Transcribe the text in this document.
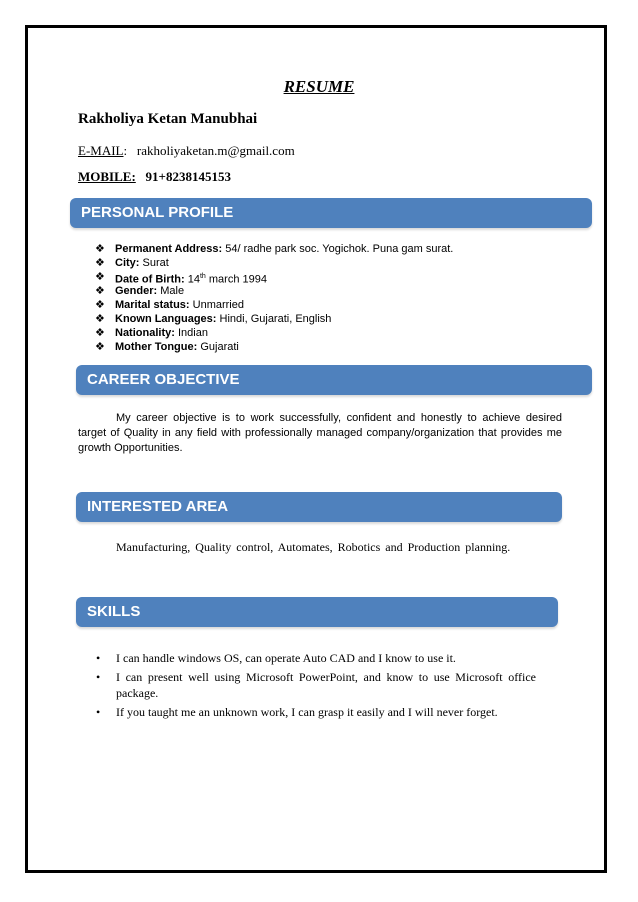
RESUME
Rakholiya Ketan Manubhai
E-MAIL:   rakholiyaketan.m@gmail.com
MOBILE: 91+8238145153
PERSONAL PROFILE
❖ Permanent Address: 54/ radhe park soc. Yogichok. Puna gam surat.
❖ City: Surat
❖ Date of Birth: 14th march 1994
❖ Gender: Male
❖ Marital status: Unmarried
❖ Known Languages: Hindi, Gujarati, English
❖ Nationality: Indian
❖ Mother Tongue: Gujarati
CAREER OBJECTIVE
My career objective is to work successfully, confident and honestly to achieve desired target of Quality in any field with professionally managed company/organization that provides me growth Opportunities.
INTERESTED AREA
Manufacturing, Quality control, Automates, Robotics and Production planning.
SKILLS
• I can handle windows OS, can operate Auto CAD and I know to use it.
• I can present well using Microsoft PowerPoint, and know to use Microsoft office package.
• If you taught me an unknown work, I can grasp it easily and I will never forget.
